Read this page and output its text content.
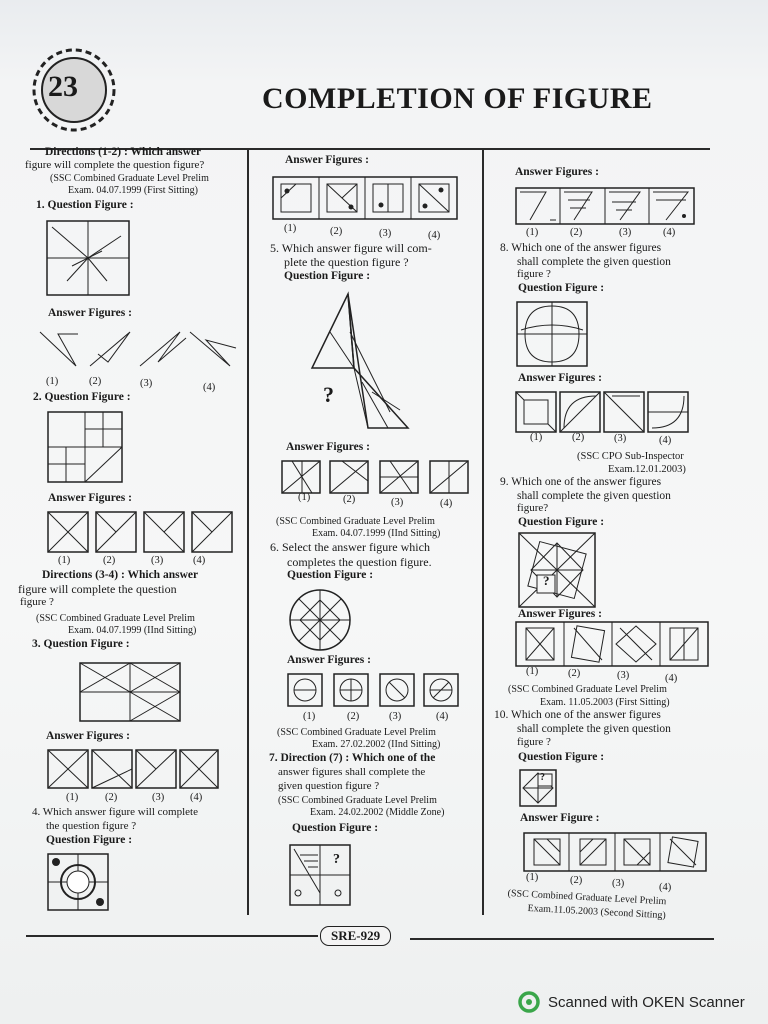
23	COMPLETION OF FIGURE
Directions (1-2) : Which answer
figure will complete the question figure?
(SSC Combined Graduate Level Prelim
Exam. 04.07.1999 (First Sitting)
1. Question Figure :
Answer Figures :
(1)	(2)	(3)	(4)
2. Question Figure :
Answer Figures :
(1)	(2)	(3)	(4)
Directions (3-4) : Which answer
figure will complete the question
figure ?
(SSC Combined Graduate Level Prelim
Exam. 04.07.1999 (IInd Sitting)
3. Question Figure :
Answer Figures :
(1)	(2)	(3) (4)
4. Which answer figure will complete
the question figure ?
Question Figure :
Answer Figures :
(1)	(2)	(3)	(4)
5. Which answer figure will com-
plete the question figure ?
Question Figure :
?
Answer Figures :
(1)	(2)	(3)	(4)
(SSC Combined Graduate Level Prelim
Exam. 04.07.1999 (IInd Sitting)
6. Select the answer figure which
completes the question figure.
Question Figure :
Answer Figures :
(1)	(2)	(3)	(4)
(SSC Combined Graduate Level Prelim
Exam. 27.02.2002 (IInd Sitting)
7. Direction (7) : Which one of the
answer figures shall complete the
given question figure ?
(SSC Combined Graduate Level Prelim
Exam. 24.02.2002 (Middle Zone)
Question Figure :
?
Answer Figures :
(1)	(2)	(3)	(4)
8. Which one of the answer figures
shall complete the given question
figure ?
Question Figure :
Answer Figures :
(1)	(2)	(3)	(4)
(SSC CPO Sub-Inspector
Exam.12.01.2003)
9. Which one of the answer figures
shall complete the given question
figure?
Question Figure :
?
Answer Figures :
(1)	(2)	(3)	(4)
(SSC Combined Graduate Level Prelim
Exam. 11.05.2003 (First Sitting)
10. Which one of the answer figures
shall complete the given question
figure ?
Question Figure :
?
Answer Figure :
(1)	(2)	(3)	(4)
(SSC Combined Graduate Level Prelim
Exam.11.05.2003 (Second Sitting)
SRE-929
Scanned with OKEN Scanner
